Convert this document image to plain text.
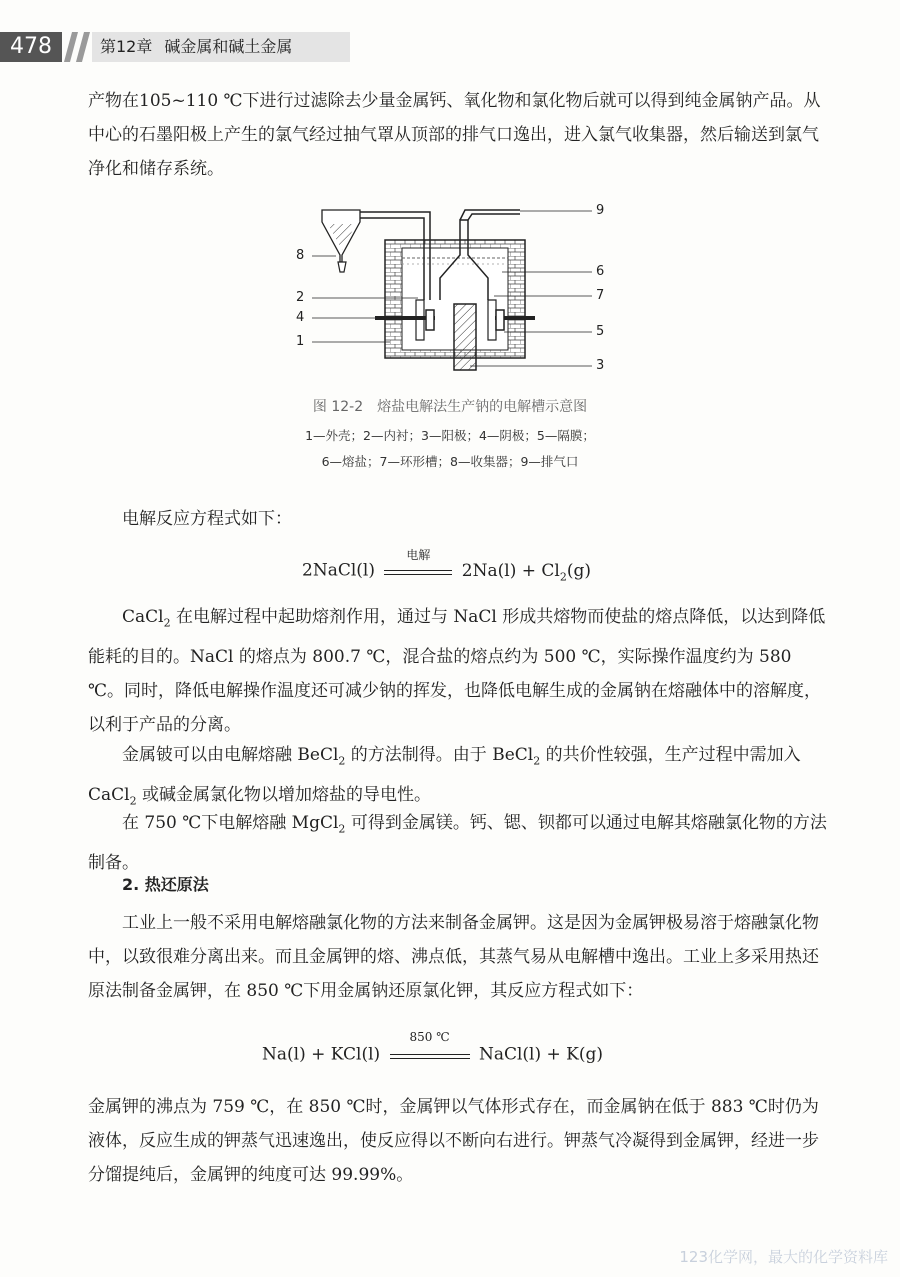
478	第12章 碱金属和碱土金属

产物在105~110 ℃下进行过滤除去少量金属钙、氧化物和氯化物后就可以得到纯金属钠产品。从中心的石墨阳极上产生的氯气经过抽气罩从顶部的排气口逸出，进入氯气收集器，然后输送到氯气净化和储存系统。

8
2
4
1
9
6
7
5
3
图 12-2　熔盐电解法生产钠的电解槽示意图
1—外壳；2—内衬；3—阳极；4—阴极；5—隔膜；
6—熔盐；7—环形槽；8—收集器；9—排气口

电解反应方程式如下：

2NaCl(l)
电解
$2Na(l) + Cl_2(g)$

CaCl$_2$ 在电解过程中起助熔剂作用，通过与 NaCl 形成共熔物而使盐的熔点降低，以达到降低能耗的目的。NaCl 的熔点为 800.7 ℃，混合盐的熔点约为 500 ℃，实际操作温度约为 580 ℃。同时，降低电解操作温度还可减少钠的挥发，也降低电解生成的金属钠在熔融体中的溶解度，以利于产品的分离。

金属铍可以由电解熔融 BeCl$_2$ 的方法制得。由于 BeCl$_2$ 的共价性较强，生产过程中需加入 CaCl$_2$ 或碱金属氯化物以增加熔盐的导电性。

在 750 ℃下电解熔融 MgCl$_2$ 可得到金属镁。钙、锶、钡都可以通过电解其熔融氯化物的方法制备。

2. 热还原法

工业上一般不采用电解熔融氯化物的方法来制备金属钾。这是因为金属钾极易溶于熔融氯化物中，以致很难分离出来。而且金属钾的熔、沸点低，其蒸气易从电解槽中逸出。工业上多采用热还原法制备金属钾，在 850 ℃下用金属钠还原氯化钾，其反应方程式如下：

Na(l) + KCl(l)
850 ℃
NaCl(l) + K(g)

金属钾的沸点为 759 ℃，在 850 ℃时，金属钾以气体形式存在，而金属钠在低于 883 ℃时仍为液体，反应生成的钾蒸气迅速逸出，使反应得以不断向右进行。钾蒸气冷凝得到金属钾，经进一步分馏提纯后，金属钾的纯度可达 99.99%。

123化学网，最大的化学资料库
